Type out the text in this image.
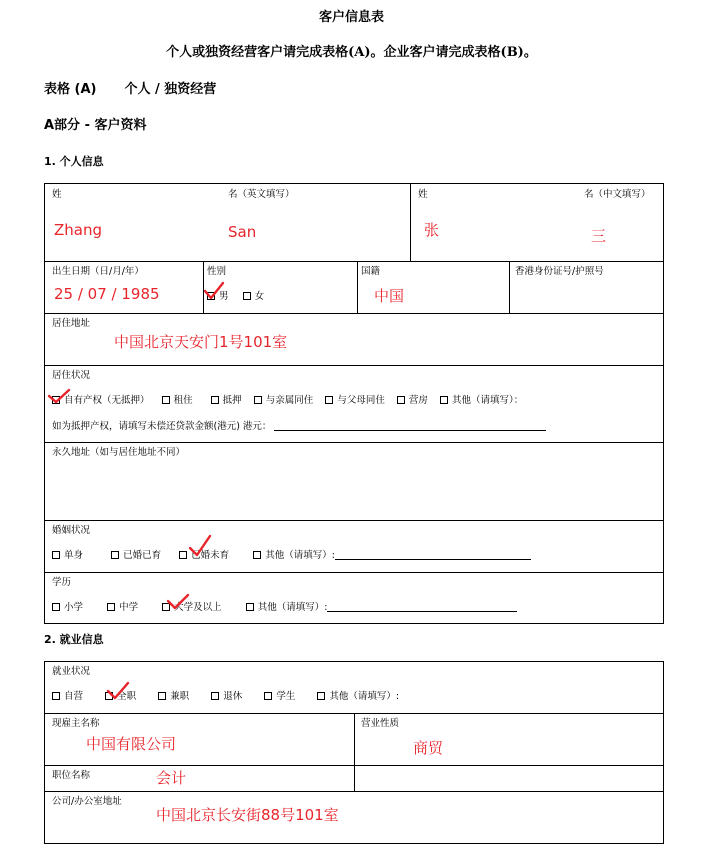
客户信息表
个人或独资经营客户请完成表格(A)。企业客户请完成表格(B)。
表格 (A) 个人 / 独资经营
A部分 - 客户资料
1. 个人信息
姓	名（英文填写）	姓	名（中文填写）
Zhang	San	张	三
出生日期（日/月/年）
25 / 07 / 1985
性别
男	女
国籍
中国
香港身份证号/护照号
居住地址
中国北京天安门1号101室
居住状况
自有产权（无抵押）	租住	抵押	与亲属同住	与父母同住	营房	其他（请填写）：
如为抵押产权，请填写未偿还贷款金额(港元) 港元：
永久地址（如与居住地址不同）
婚姻状况
单身	已婚已育	已婚未育	其他（请填写）:
学历
小学	中学	大学及以上	其他（请填写）:
2. 就业信息
就业状况
自营	全职	兼职	退休	学生	其他（请填写）:
现雇主名称
中国有限公司
营业性质
商贸
职位名称	会计
公司/办公室地址
中国北京长安街88号101室
